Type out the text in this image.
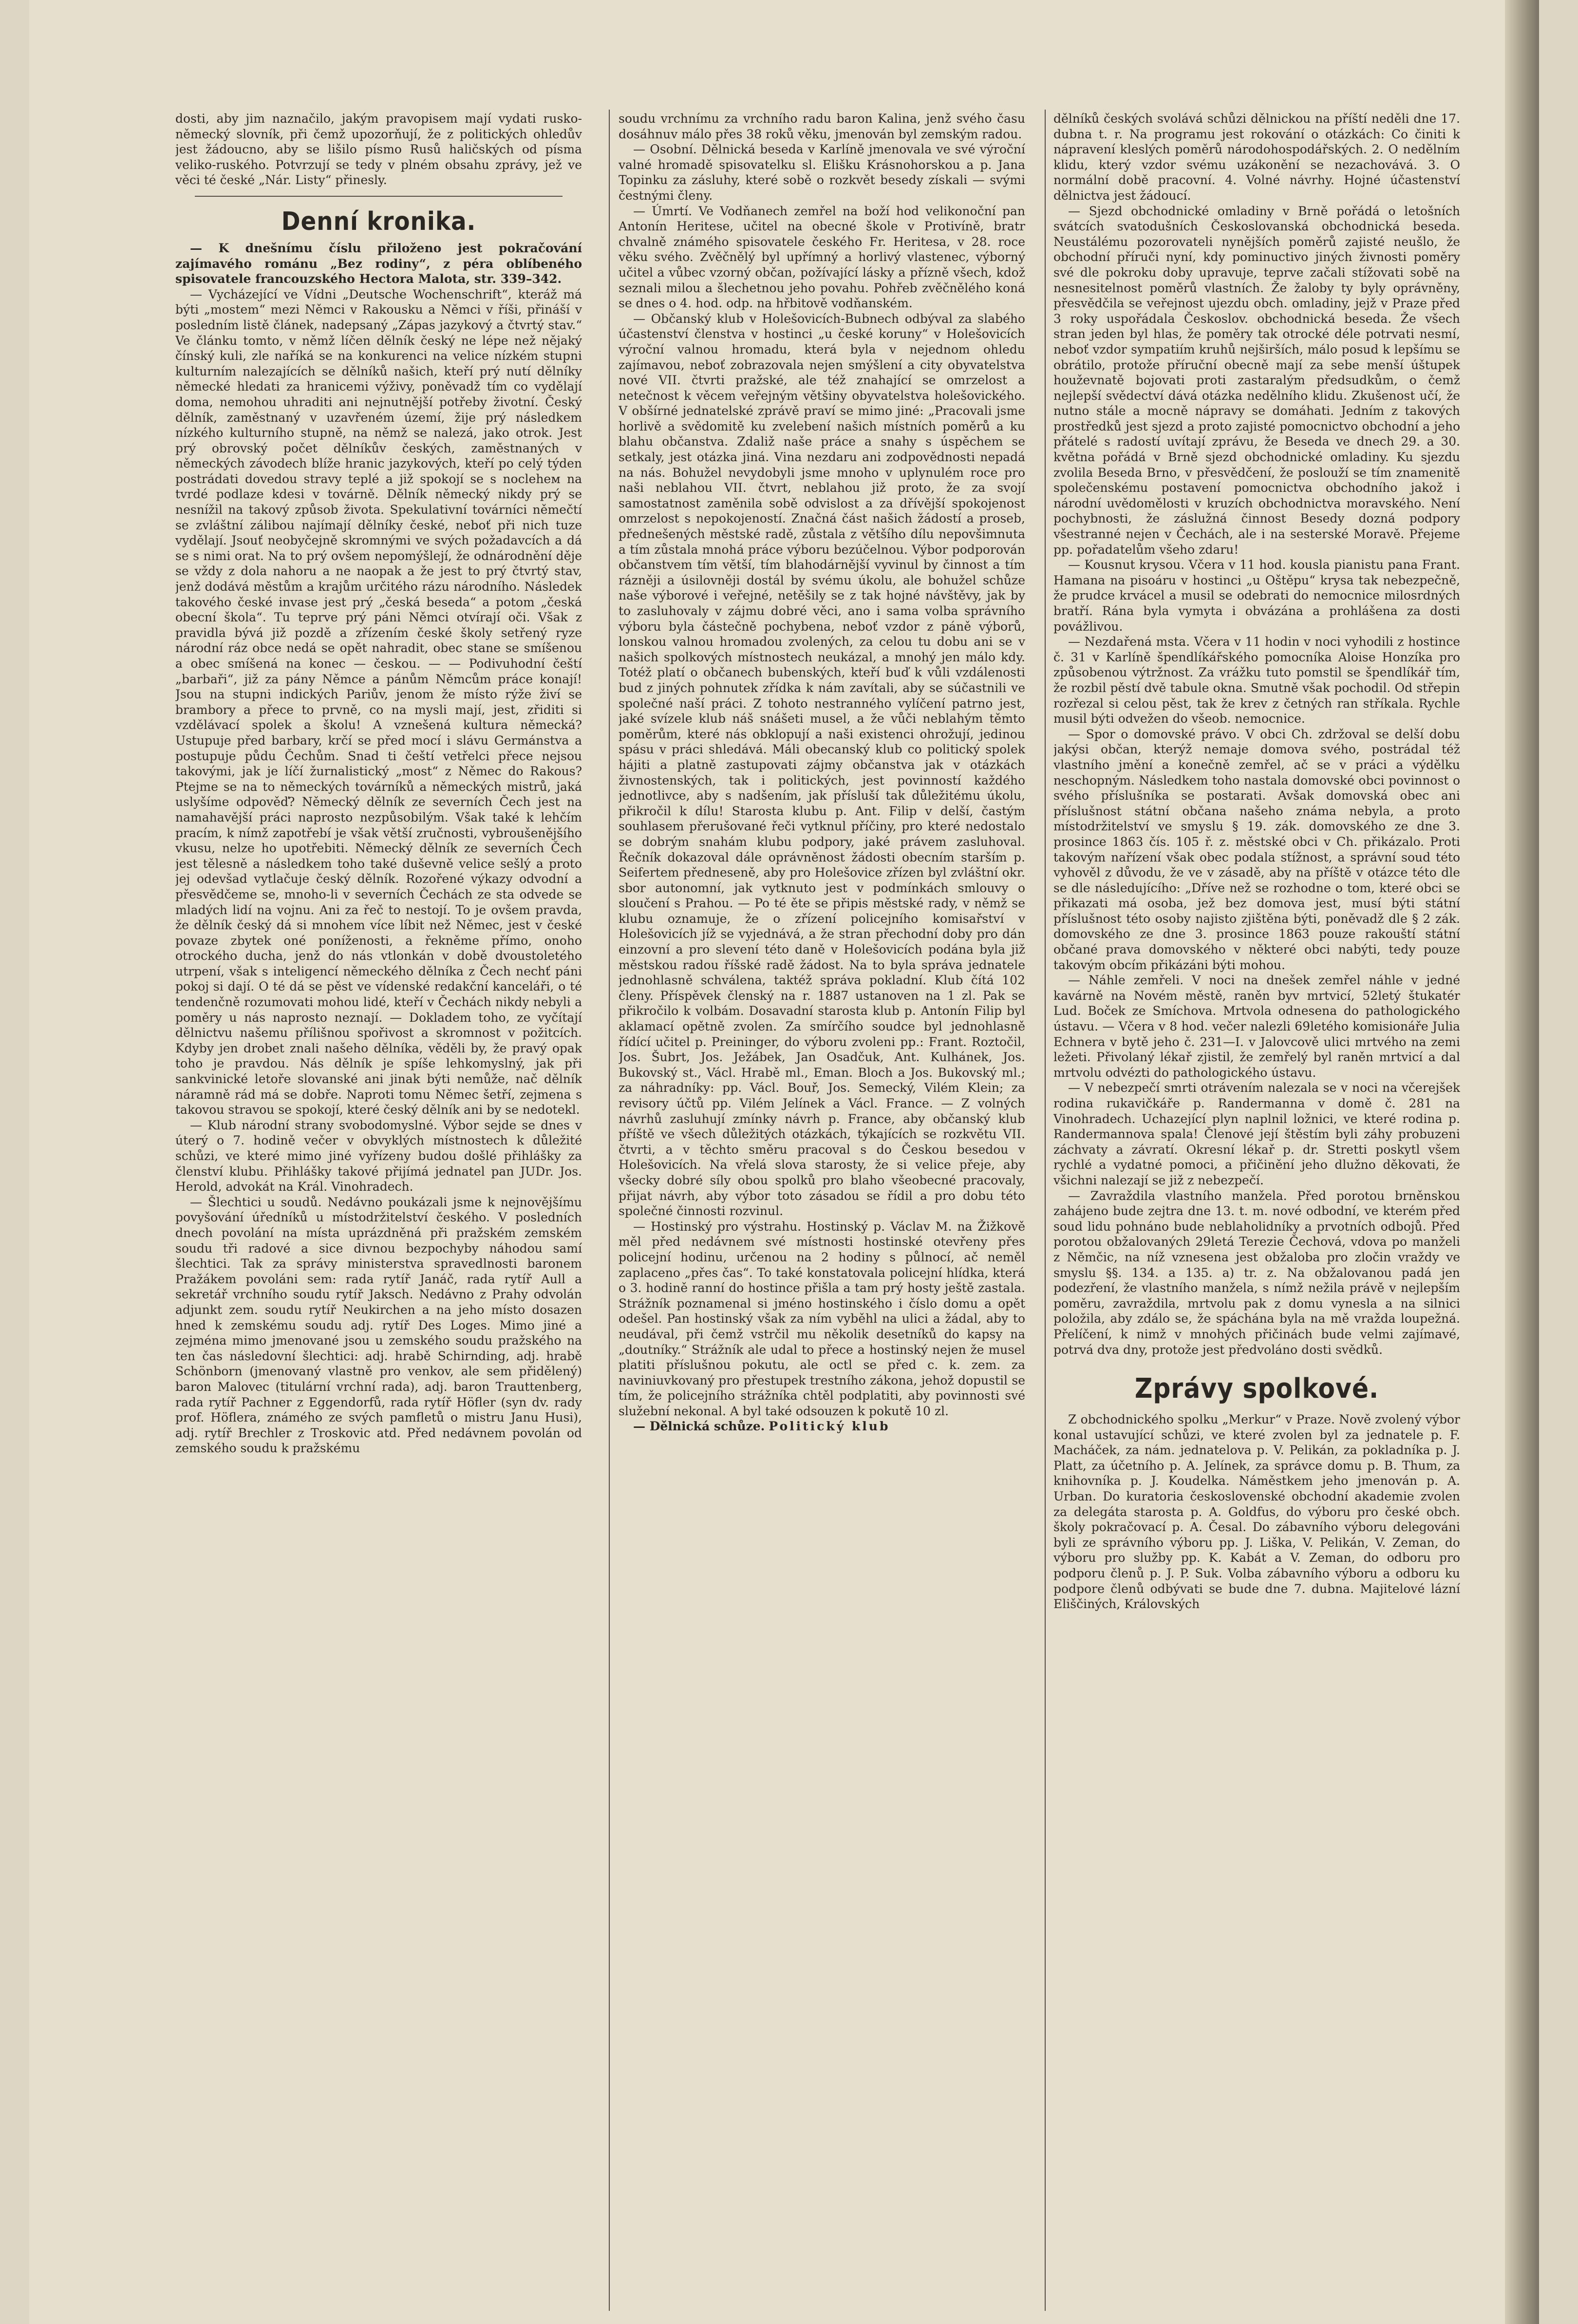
dosti, aby jim naznačilo, jakým pravopisem mají vydati rusko-německý slovník, při čemž upozorňují, že z politických ohledův jest žádoucno, aby se lišilo písmo Rusů haličských od písma veliko-ruského. Potvrzují se tedy v plném obsahu zprávy, jež ve věci té české „Nár. Listy“ přinesly.

Denní kronika.

— K dnešnímu číslu přiloženo jest pokračování zajímavého románu „Bez rodiny“, z péra oblíbeného spisovatele francouzského Hectora Malota, str. 339–342.

— Vycházející ve Vídni „Deutsche Wochenschrift“, kteráž má býti „mostem“ mezi Němci v Rakousku a Němci v říši, přináší v posledním listě článek, nadepsaný „Zápas jazykový a čtvrtý stav.“ Ve článku tomto, v němž líčen dělník český ne lépe než nějaký čínský kuli, zle naříká se na konkurenci na velice nízkém stupni kulturním nalezajících se dělníků našich, kteří prý nutí dělníky německé hledati za hranicemi výživy, poněvadž tím co vydělají doma, nemohou uhraditi ani nejnutnější potřeby životní. Český dělník, zaměstnaný v uzavřeném území, žije prý následkem nízkého kulturního stupně, na němž se nalezá, jako otrok. Jest prý obrovský počet dělníkův českých, zaměstnaných v německých závodech blíže hranic jazykových, kteří po celý týden postrádati dovedou stravy teplé a již spokojí se s nocleheм na tvrdé podlaze kdesi v továrně. Dělník německý nikdy prý se nesnížil na takový způsob života. Spekulativní továrníci němečtí se zvláštní zálibou najímají dělníky české, neboť při nich tuze vydělají. Jsouť neobyčejně skromnými ve svých požadavcích a dá se s nimi orat. Na to prý ovšem nepomýšlejí, že odnárodnění děje se vždy z dola nahoru a ne naopak a že jest to prý čtvrtý stav, jenž dodává městům a krajům určitého rázu národního. Následek takového české invase jest prý „česká beseda“ a potom „česká obecní škola“. Tu teprve prý páni Němci otvírají oči. Však z pravidla bývá již pozdě a zřízením české školy setřený ryze národní ráz obce nedá se opět nahradit, obec stane se smíšenou a obec smíšená na konec — českou. — — Podivuhodní čeští „barbaři“, již za pány Němce a pánům Němcům práce konají! Jsou na stupni indických Pariův, jenom že místo rýže živí se brambory a přece to prvně, co na mysli mají, jest, zřiditi si vzdělávací spolek a školu! A vznešená kultura německá? Ustupuje před barbary, krčí se před mocí i slávu Germánstva a postupuje půdu Čechům. Snad ti čeští vetřelci přece nejsou takovými, jak je líčí žurnalistický „most“ z Němec do Rakous? Ptejme se na to německých továrníků a německých mistrů, jaká uslyšíme odpověď? Německý dělník ze severních Čech jest na namahavější práci naprosto nezpůsobilým. Však také k lehčím pracím, k nímž zapotřebí je však větší zručnosti, vybroušenějšího vkusu, nelze ho upotřebiti. Německý dělník ze severních Čech jest tělesně a následkem toho také duševně velice sešlý a proto jej odevšad vytlačuje český dělník. Rozořené výkazy odvodní a přesvědčeme se, mnoho-li v severních Čechách ze sta odvede se mladých lidí na vojnu. Ani za řeč to nestojí. To je ovšem pravda, že dělník český dá si mnohem více líbit než Němec, jest v české povaze zbytek oné poníženosti, a řekněme přímo, onoho otrockého ducha, jenž do nás vtlonkán v době dvoustoletého utrpení, však s inteligencí německého dělníka z Čech nechť páni pokoj si dají. O té dá se pěst ve vídenské redakční kanceláři, o té tendenčně rozumovati mohou lidé, kteří v Čechách nikdy nebyli a poměry u nás naprosto neznají. — Dokladem toho, ze vyčítají dělnictvu našemu přílišnou spořivost a skromnost v požitcích. Kdyby jen drobet znali našeho dělníka, věděli by, že pravý opak toho je pravdou. Nás dělník je spíše lehkomyslný, jak při sankvinické letoře slovanské ani jinak býti nemůže, nač dělník náramně rád má se dobře. Naproti tomu Němec šetří, zejmena s takovou stravou se spokojí, které český dělník ani by se nedotekl.

— Klub národní strany svobodomyslné. Výbor sejde se dnes v úterý o 7. hodině večer v obvyklých místnostech k důležité schůzi, ve které mimo jiné vyřízeny budou došlé přihlášky za členství klubu. Přihlášky takové přijímá jednatel pan JUDr. Jos. Herold, advokát na Král. Vinohradech.

— Šlechtici u soudů. Nedávno poukázali jsme k nejnovějšímu povyšování úředníků u místodržitelství českého. V posledních dnech povolání na místa uprázdněná při pražském zemském soudu tři radové a sice divnou bezpochyby náhodou samí šlechtici. Tak za správy ministerstva spravedlnosti baronem Pražákem povoláni sem: rada rytíř Janáč, rada rytíř Aull a sekretář vrchního soudu rytíř Jaksch. Nedávno z Prahy odvolán adjunkt zem. soudu rytíř Neukirchen a na jeho místo dosazen hned k zemskému soudu adj. rytíř Des Loges. Mimo jiné a zejména mimo jmenované jsou u zemského soudu pražského na ten čas následovní šlechtici: adj. hrabě Schirnding, adj. hrabě Schönborn (jmenovaný vlastně pro venkov, ale sem přidělený) baron Malovec (titulární vrchní rada), adj. baron Trauttenberg, rada rytíř Pachner z Eggendorfů, rada rytíř Höfler (syn dv. rady prof. Höflera, známého ze svých pamfletů o mistru Janu Husi), adj. rytíř Brechler z Troskovic atd. Před nedávnem povolán od zemského soudu k pražskému

soudu vrchnímu za vrchního radu baron Kalina, jenž svého času dosáhnuv málo přes 38 roků věku, jmenován byl zemským radou.

— Osobní. Dělnická beseda v Karlíně jmenovala ve své výroční valné hromadě spisovatelku sl. Elišku Krásnohorskou a p. Jana Topinku za zásluhy, které sobě o rozkvět besedy získali — svými čestnými členy.

— Úmrtí. Ve Vodňanech zemřel na boží hod velikonoční pan Antonín Heritese, učitel na obecné škole v Protivíně, bratr chvalně známého spisovatele českého Fr. Heritesa, v 28. roce věku svého. Zvěčnělý byl upřímný a horlivý vlastenec, výborný učitel a vůbec vzorný občan, požívající lásky a přízně všech, kdož seznali milou a šlechetnou jeho povahu. Pohřeb zvěčnělého koná se dnes o 4. hod. odp. na hřbitově vodňanském.

— Občanský klub v Holešovicích-Bubnech odbýval za slabého účastenství členstva v hostinci „u české koruny“ v Holešovicích výroční valnou hromadu, která byla v nejednom ohledu zajímavou, neboť zobrazovala nejen smýšlení a city obyvatelstva nové VII. čtvrti pražské, ale též znahající se omrzelost a netečnost k věcem veřejným většiny obyvatelstva holešovického. V obšírné jednatelské zprávě praví se mimo jiné: „Pracovali jsme horlivě a svědomitě ku zvelebení našich místních poměrů a ku blahu občanstva. Zdaliž naše práce a snahy s úspěchem se setkaly, jest otázka jiná. Vina nezdaru ani zodpovědnosti nepadá na nás. Bohužel nevydobyli jsme mnoho v uplynulém roce pro naši neblahou VII. čtvrt, neblahou již proto, že za svojí samostatnost zaměnila sobě odvislost a za dřívější spokojenost omrzelost s nepokojeností. Značná část našich žádostí a proseb, přednešených městské radě, zůstala z většího dílu nepovšimnuta a tím zůstala mnohá práce výboru bezúčelnou. Výbor podporován občanstvem tím větší, tím blahodárnější vyvinul by činnost a tím rázněji a úsilovněji dostál by svému úkolu, ale bohužel schůze naše výborové i veřejné, netěšily se z tak hojné návštěvy, jak by to zasluhovaly v zájmu dobré věci, ano i sama volba správního výboru byla částečně pochybena, neboť vzdor z páně výborů, lonskou valnou hromadou zvolených, za celou tu dobu ani se v našich spolkových místnostech neukázal, a mnohý jen málo kdy. Totéž platí o občanech bubenských, kteří buď k vůli vzdálenosti bud z jiných pohnutek zřídka k nám zavítali, aby se súčastnili ve společné naší práci. Z tohoto nestranného vylíčení patrno jest, jaké svízele klub náš snášeti musel, a že vůči neblahým těmto poměrům, které nás obklopují a naši existenci ohrožují, jedinou spásu v práci shledává. Máli obecanský klub co politický spolek hájiti a platně zastupovati zájmy občanstva jak v otázkách živnostenských, tak i politických, jest povinností každého jednotlivce, aby s nadšením, jak přísluší tak důležitému úkolu, přikročil k dílu! Starosta klubu p. Ant. Filip v delší, častým souhlasem přerušované řeči vytknul příčiny, pro které nedostalo se dobrým snahám klubu podpory, jaké právem zasluhoval. Řečník dokazoval dále oprávněnost žádosti obecním starším p. Seifertem předneseně, aby pro Holešovice zřízen byl zvláštní okr. sbor autonomní, jak vytknuto jest v podmínkách smlouvy o sloučení s Prahou. — Po té ěte se připis městské rady, v němž se klubu oznamuje, že o zřízení policejního komisařství v Holešovicích jíž se vyjednává, a že stran přechodní doby pro dán einzovní a pro slevení této daně v Holešovicích podána byla již městskou radou říšské radě žádost. Na to byla správa jednatele jednohlasně schválena, taktéž správa pokladní. Klub čítá 102 členy. Příspěvek členský na r. 1887 ustanoven na 1 zl. Pak se přikročilo k volbám. Dosavadní starosta klub p. Antonín Filip byl aklamací opětně zvolen. Za smírčího soudce byl jednohlasně řídící učitel p. Preininger, do výboru zvoleni pp.: Frant. Roztočil, Jos. Šubrt, Jos. Ježábek, Jan Osadčuk, Ant. Kulhánek, Jos. Bukovský st., Václ. Hrabě ml., Eman. Bloch a Jos. Bukovský ml.; za náhradníky: pp. Václ. Bouř, Jos. Semecký, Vilém Klein; za revisory účtů pp. Vilém Jelínek a Václ. France. — Z volných návrhů zasluhují zmínky návrh p. France, aby občanský klub příště ve všech důležitých otázkách, týkajících se rozkvětu VII. čtvrti, a v těchto směru pracoval s do Českou besedou v Holešovicích. Na vřelá slova starosty, že si velice přeje, aby všecky dobré síly obou spolků pro blaho všeobecné pracovaly, přijat návrh, aby výbor toto zásadou se řídil a pro dobu této společné činnosti rozvinul.

— Hostinský pro výstrahu. Hostinský p. Václav M. na Žižkově měl před nedávnem své místnosti hostinské otevřeny přes policejní hodinu, určenou na 2 hodiny s půlnocí, ač neměl zaplaceno „přes čas“. To také konstatovala policejní hlídka, která o 3. hodině ranní do hostince přišla a tam prý hosty ještě zastala. Strážník poznamenal si jméno hostinského i číslo domu a opět odešel. Pan hostinský však za ním vyběhl na ulici a žádal, aby to neudával, při čemž vstrčil mu několik desetníků do kapsy na „doutníky.“ Strážník ale udal to přece a hostinský nejen že musel platiti příslušnou pokutu, ale octl se před c. k. zem. za naviniuvkovaný pro přestupek trestního zákona, jehož dopustil se tím, že policejního strážníka chtěl podplatiti, aby povinnosti své služební nekonal. A byl také odsouzen k pokutě 10 zl.

— Dělnická schůze. Politický klub

dělníků českých svolává schůzi dělnickou na příští neděli dne 17. dubna t. r. Na programu jest rokování o otázkách: Co činiti k nápravení kleslých poměrů národohospodářských. 2. O nedělním klidu, který vzdor svému uzákonění se nezachovává. 3. O normální době pracovní. 4. Volné návrhy. Hojné účastenství dělnictva jest žádoucí.

— Sjezd obchodnické omladiny v Brně pořádá o letošních svátcích svatodušních Českoslovanská obchodnická beseda. Neustálému pozorovateli nynějších poměrů zajisté neušlo, že obchodní příruči nyní, kdy pominuctivo jiných živnosti poměry své dle pokroku doby upravuje, teprve začali stížovati sobě na nesnesitelnost poměrů vlastních. Že žaloby ty byly oprávněny, přesvědčila se veřejnost ujezdu obch. omladiny, jejž v Praze před 3 roky uspořádala Českoslov. obchodnická beseda. Že všech stran jeden byl hlas, že poměry tak otrocké déle potrvati nesmí, neboť vzdor sympatiím kruhů nejširších, málo posud k lepšímu se obrátilo, protože příruční obecně mají za sebe menší úštupek houževnatě bojovati proti zastaralým předsudkům, o čemž nejlepší svědectví dává otázka nedělního klidu. Zkušenost učí, že nutno stále a mocně nápravy se domáhati. Jedním z takových prostředků jest sjezd a proto zajisté pomocnictvo obchodní a jeho přátelé s radostí uvítají zprávu, že Beseda ve dnech 29. a 30. května pořádá v Brně sjezd obchodnické omladiny. Ku sjezdu zvolila Beseda Brno, v přesvědčení, že poslouží se tím znamenitě společenskému postavení pomocnictva obchodního jakož i národní uvědomělosti v kruzích obchodnictva moravského. Není pochybnosti, že záslužná činnost Besedy dozná podpory všestranné nejen v Čechách, ale i na sesterské Moravě. Přejeme pp. pořadatelům všeho zdaru!

— Kousnut krysou. Včera v 11 hod. kousla pianistu pana Frant. Hamana na pisoáru v hostinci „u Oštěpu“ krysa tak nebezpečně, že prudce krvácel a musil se odebrati do nemocnice milosrdných bratří. Rána byla vymyta i obvázána a prohlášena za dosti povážlivou.

— Nezdařená msta. Včera v 11 hodin v noci vyhodili z hostince č. 31 v Karlíně špendlíkářského pomocníka Aloise Honzíka pro způsobenou výtržnost. Za vrážku tuto pomstil se špendlíkář tím, že rozbil pěstí dvě tabule okna. Smutně však pochodil. Od střepin rozřezal si celou pěst, tak že krev z četných ran stříkala. Rychle musil býti odvežen do všeob. nemocnice.

— Spor o domovské právo. V obci Ch. zdržoval se delší dobu jakýsi občan, kterýž nemaje domova svého, postrádal též vlastního jmění a konečně zemřel, ač se v práci a výdělku neschopným. Následkem toho nastala domovské obci povinnost o svého příslušníka se postarati. Avšak domovská obec ani příslušnost státní občana našeho známa nebyla, a proto místodržitelství ve smyslu § 19. zák. domovského ze dne 3. prosince 1863 čís. 105 ř. z. městské obci v Ch. přikázalo. Proti takovým nařízení však obec podala stížnost, a správní soud této vyhověl z důvodu, že ve v zásadě, aby na příště v otázce této dle se dle následujícího: „Dříve než se rozhodne o tom, které obci se přikazati má osoba, jež bez domova jest, musí býti státní příslušnost této osoby najisto zjištěna býti, poněvadž dle § 2 zák. domovského ze dne 3. prosince 1863 pouze rakouští státní občané prava domovského v některé obci nabýti, tedy pouze takovým obcím přikázáni býti mohou.

— Náhle zemřeli. V noci na dnešek zemřel náhle v jedné kavárně na Novém městě, raněn byv mrtvicí, 52letý štukatér Lud. Boček ze Smíchova. Mrtvola odnesena do pathologického ústavu. — Včera v 8 hod. večer nalezli 69letého komisionáře Julia Echnera v bytě jeho č. 231—I. v Jalovcově ulici mrtvého na zemi ležeti. Přivolaný lékař zjistil, že zemřelý byl raněn mrtvicí a dal mrtvolu odvézti do pathologického ústavu.

— V nebezpečí smrti otrávením nalezala se v noci na včerejšek rodina rukavičkáře p. Randermanna v domě č. 281 na Vinohradech. Uchazející plyn naplnil ložnici, ve které rodina p. Randermannova spala! Členové její štěstím byli záhy probuzeni záchvaty a závratí. Okresní lékař p. dr. Stretti poskytl všem rychlé a vydatné pomoci, a přičinění jeho dlužno děkovati, že všichni nalezají se již z nebezpečí.

— Zavraždila vlastního manžela. Před porotou brněnskou zahájeno bude zejtra dne 13. t. m. nové odbodní, ve kterém před soud lidu pohnáno bude neblaholidníky a prvotních odbojů. Před porotou obžalovaných 29letá Terezie Čechová, vdova po manželi z Němčic, na níž vznesena jest obžaloba pro zločin vraždy ve smyslu §§. 134. a 135. a) tr. z. Na obžalovanou padá jen podezření, že vlastního manžela, s nímž nežila právě v nejlepším poměru, zavraždila, mrtvolu pak z domu vynesla a na silnici položila, aby zdálo se, že spáchána byla na mě vražda loupežná. Přelíčení, k nimž v mnohých přičinách bude velmi zajímavé, potrvá dva dny, protože jest předvoláno dosti svědků.

Zprávy spolkové.

Z obchodnického spolku „Merkur“ v Praze. Nově zvolený výbor konal ustavující schůzi, ve které zvolen byl za jednatele p. F. Macháček, za nám. jednatelova p. V. Pelikán, za pokladníka p. J. Platt, za účetního p. A. Jelínek, za správce domu p. B. Thum, za knihovníka p. J. Koudelka. Náměstkem jeho jmenován p. A. Urban. Do kuratoria československé obchodní akademie zvolen za delegáta starosta p. A. Goldfus, do výboru pro české obch. školy pokračovací p. A. Česal. Do zábavního výboru delegováni byli ze správního výboru pp. J. Liška, V. Pelikán, V. Zeman, do výboru pro služby pp. K. Kabát a V. Zeman, do odboru pro podporu členů p. J. P. Suk. Volba zábavního výboru a odboru ku podpore členů odbývati se bude dne 7. dubna. Majitelové lázní Eliščiných, Královských
